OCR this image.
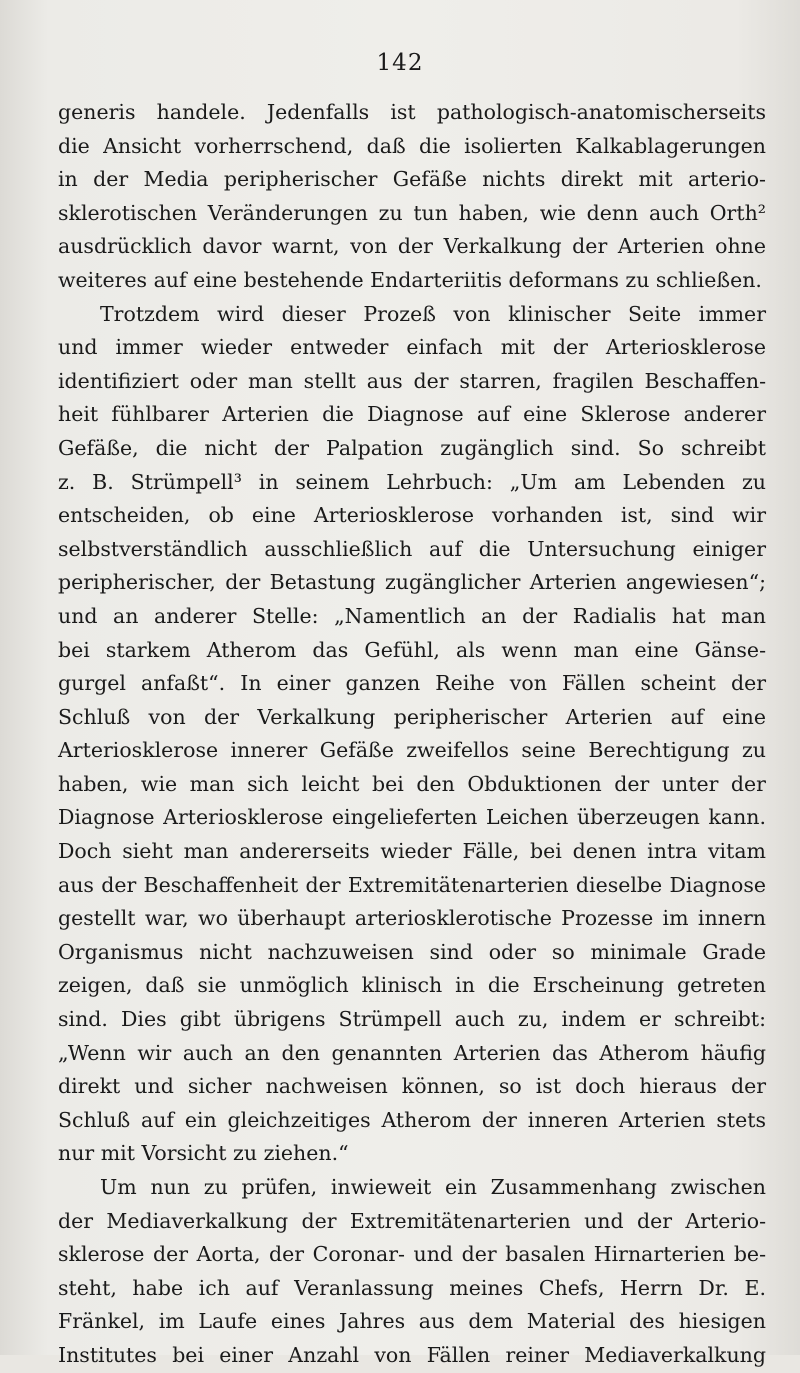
142
generis handele. Jedenfalls ist pathologisch-anatomischerseits
die Ansicht vorherrschend, daß die isolierten Kalkablagerungen
in der Media peripherischer Gefäße nichts direkt mit arterio-
sklerotischen Veränderungen zu tun haben, wie denn auch Orth²
ausdrücklich davor warnt, von der Verkalkung der Arterien ohne
weiteres auf eine bestehende Endarteriitis deformans zu schließen.
Trotzdem wird dieser Prozeß von klinischer Seite immer
und immer wieder entweder einfach mit der Arteriosklerose
identifiziert oder man stellt aus der starren, fragilen Beschaffen-
heit fühlbarer Arterien die Diagnose auf eine Sklerose anderer
Gefäße, die nicht der Palpation zugänglich sind. So schreibt
z. B. Strümpell³ in seinem Lehrbuch: „Um am Lebenden zu
entscheiden, ob eine Arteriosklerose vorhanden ist, sind wir
selbstverständlich ausschließlich auf die Untersuchung einiger
peripherischer, der Betastung zugänglicher Arterien angewiesen“;
und an anderer Stelle: „Namentlich an der Radialis hat man
bei starkem Atherom das Gefühl, als wenn man eine Gänse-
gurgel anfaßt“. In einer ganzen Reihe von Fällen scheint der
Schluß von der Verkalkung peripherischer Arterien auf eine
Arteriosklerose innerer Gefäße zweifellos seine Berechtigung zu
haben, wie man sich leicht bei den Obduktionen der unter der
Diagnose Arteriosklerose eingelieferten Leichen überzeugen kann.
Doch sieht man andererseits wieder Fälle, bei denen intra vitam
aus der Beschaffenheit der Extremitätenarterien dieselbe Diagnose
gestellt war, wo überhaupt arteriosklerotische Prozesse im innern
Organismus nicht nachzuweisen sind oder so minimale Grade
zeigen, daß sie unmöglich klinisch in die Erscheinung getreten
sind. Dies gibt übrigens Strümpell auch zu, indem er schreibt:
„Wenn wir auch an den genannten Arterien das Atherom häufig
direkt und sicher nachweisen können, so ist doch hieraus der
Schluß auf ein gleichzeitiges Atherom der inneren Arterien stets
nur mit Vorsicht zu ziehen.“
Um nun zu prüfen, inwieweit ein Zusammenhang zwischen
der Mediaverkalkung der Extremitätenarterien und der Arterio-
sklerose der Aorta, der Coronar- und der basalen Hirnarterien be-
steht, habe ich auf Veranlassung meines Chefs, Herrn Dr. E.
Fränkel, im Laufe eines Jahres aus dem Material des hiesigen
Institutes bei einer Anzahl von Fällen reiner Mediaverkalkung
